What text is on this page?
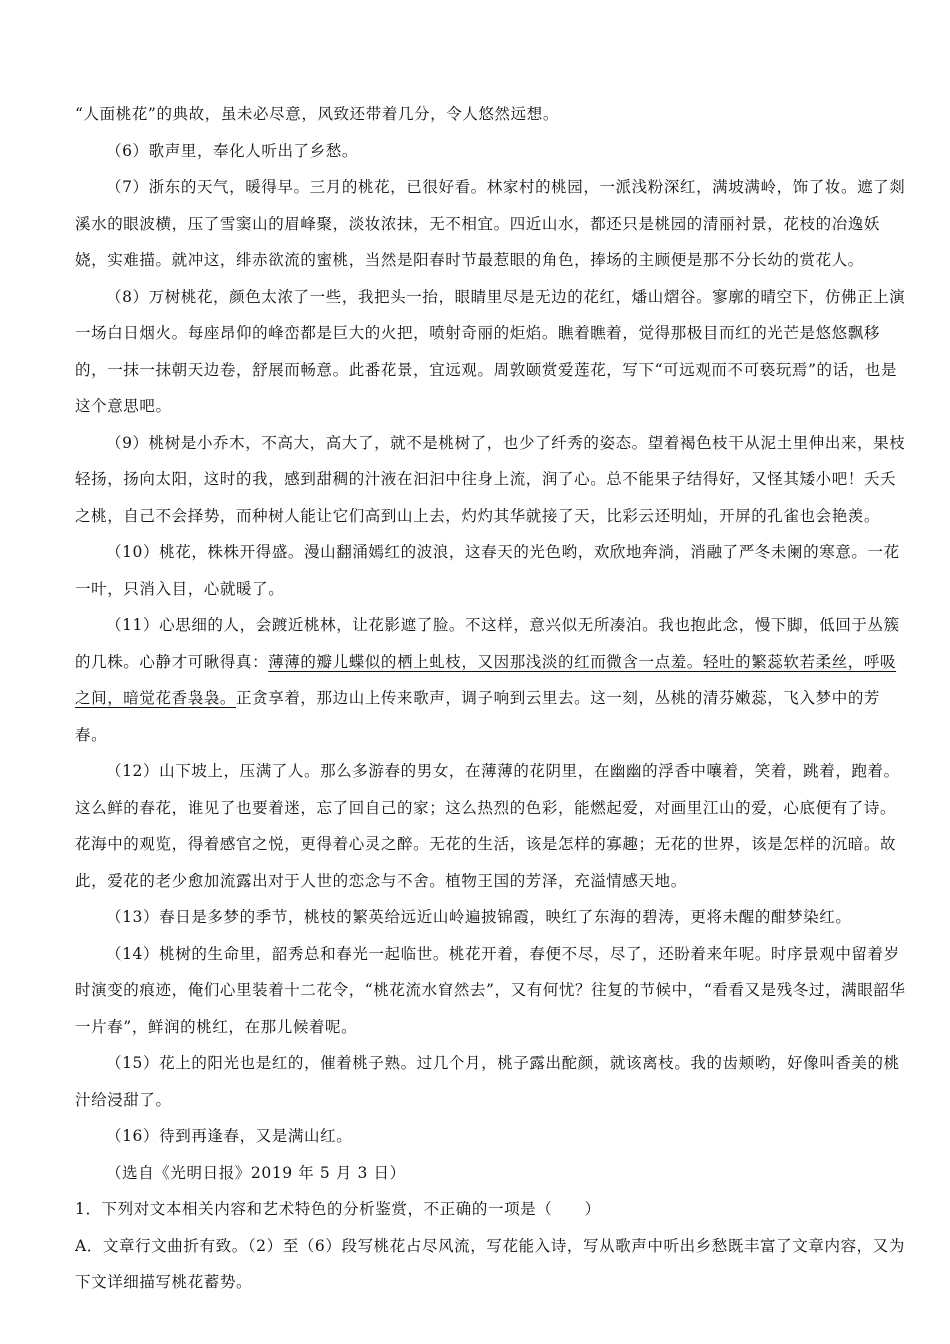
“人面桃花”的典故，虽未必尽意，风致还带着几分，令人悠然远想。

（6）歌声里，奉化人听出了乡愁。

（7）浙东的天气，暖得早。三月的桃花，已很好看。林家村的桃园，一派浅粉深红，满坡满岭，饰了妆。遮了剡溪水的眼波横，压了雪窦山的眉峰聚，淡妆浓抹，无不相宜。四近山水，都还只是桃园的清丽衬景，花枝的冶逸妖娆，实难描。就冲这，绯赤欲流的蜜桃，当然是阳春时节最惹眼的角色，捧场的主顾便是那不分长幼的赏花人。

（8）万树桃花，颜色太浓了一些，我把头一抬，眼睛里尽是无边的花红，燔山熠谷。寥廓的晴空下，仿佛正上演一场白日烟火。每座昂仰的峰峦都是巨大的火把，喷射奇丽的炬焰。瞧着瞧着，觉得那极目而红的光芒是悠悠飘移的，一抹一抹朝天边卷，舒展而畅意。此番花景，宜远观。周敦颐赏爱莲花，写下“可远观而不可亵玩焉”的话，也是这个意思吧。

（9）桃树是小乔木，不高大，高大了，就不是桃树了，也少了纤秀的姿态。望着褐色枝干从泥土里伸出来，果枝轻扬，扬向太阳，这时的我，感到甜稠的汁液在汩汩中往身上流，润了心。总不能果子结得好，又怪其矮小吧！夭夭之桃，自己不会择势，而种树人能让它们高到山上去，灼灼其华就接了天，比彩云还明灿，开屏的孔雀也会艳羡。

（10）桃花，株株开得盛。漫山翻涌嫣红的波浪，这春天的光色哟，欢欣地奔淌，消融了严冬未阑的寒意。一花一叶，只消入目，心就暖了。

（11）心思细的人，会踱近桃林，让花影遮了脸。不这样，意兴似无所凑泊。我也抱此念，慢下脚，低回于丛簇的几株。心静才可瞅得真：薄薄的瓣儿蝶似的栖上虬枝，又因那浅淡的红而微含一点羞。轻吐的繁蕊软若柔丝，呼吸之间，暗觉花香袅袅。正贪享着，那边山上传来歌声，调子响到云里去。这一刻，丛桃的清芬嫩蕊，飞入梦中的芳春。

（12）山下坡上，压满了人。那么多游春的男女，在薄薄的花阴里，在幽幽的浮香中嚷着，笑着，跳着，跑着。这么鲜的春花，谁见了也要着迷，忘了回自己的家；这么热烈的色彩，能燃起爱，对画里江山的爱，心底便有了诗。花海中的观览，得着感官之悦，更得着心灵之醉。无花的生活，该是怎样的寡趣；无花的世界，该是怎样的沉暗。故此，爱花的老少愈加流露出对于人世的恋念与不舍。植物王国的芳泽，充溢情感天地。

（13）春日是多梦的季节，桃枝的繁英给远近山岭遍披锦霞，映红了东海的碧涛，更将未醒的酣梦染红。

（14）桃树的生命里，韶秀总和春光一起临世。桃花开着，春便不尽，尽了，还盼着来年呢。时序景观中留着岁时演变的痕迹，俺们心里装着十二花令，“桃花流水窅然去”，又有何忧？往复的节候中，“看看又是残冬过，满眼韶华一片春”，鲜润的桃红，在那儿候着呢。

（15）花上的阳光也是红的，催着桃子熟。过几个月，桃子露出酡颜，就该离枝。我的齿颊哟，好像叫香美的桃汁给浸甜了。

（16）待到再逢春，又是满山红。

（选自《光明日报》2019 年 5 月 3 日）

1．下列对文本相关内容和艺术特色的分析鉴赏，不正确的一项是（　　）

A．文章行文曲折有致。（2）至（6）段写桃花占尽风流，写花能入诗，写从歌声中听出乡愁既丰富了文章内容，又为下文详细描写桃花蓄势。
